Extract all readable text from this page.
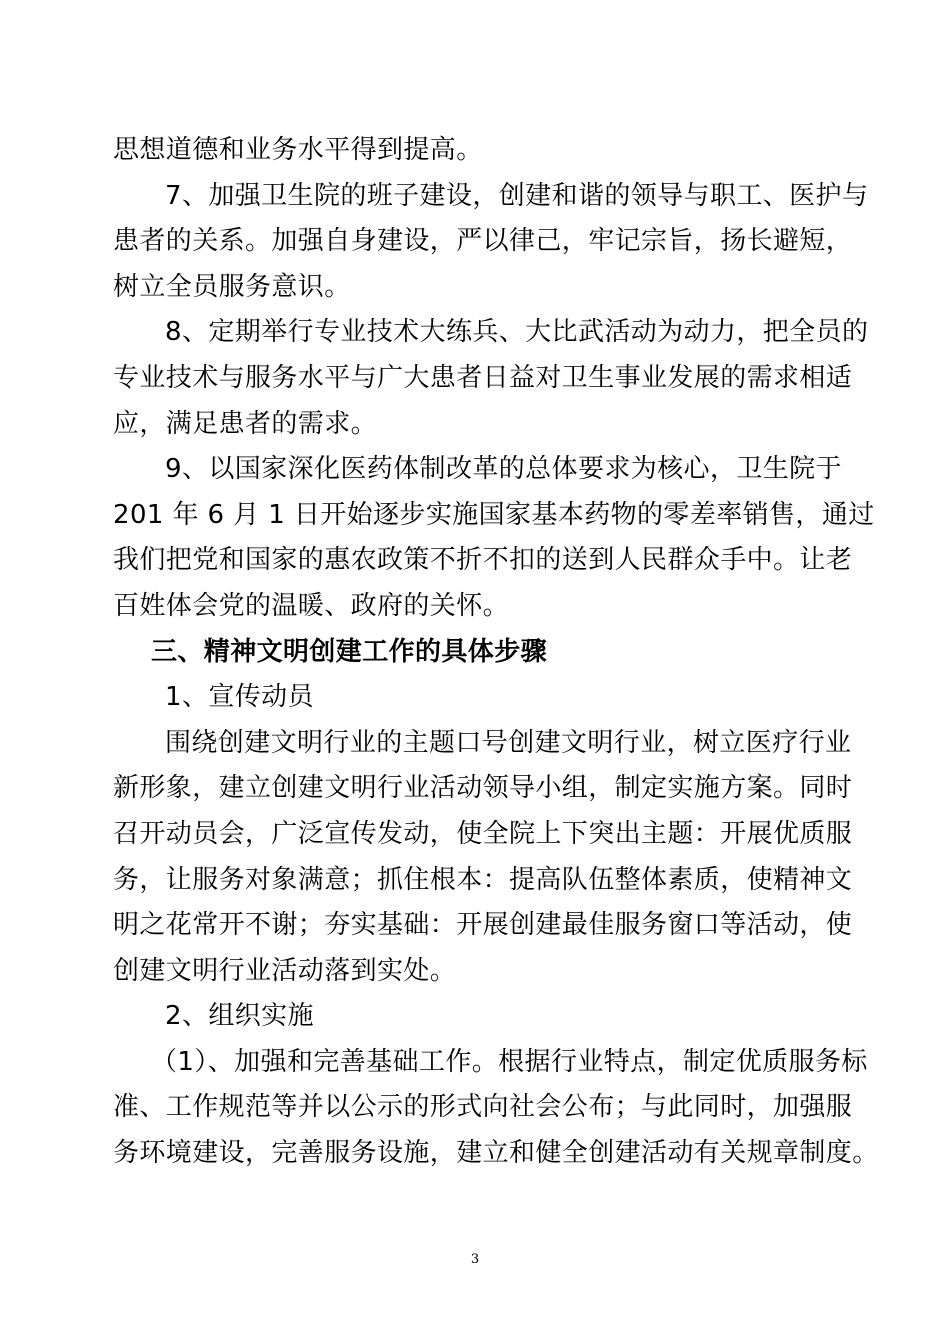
思想道德和业务水平得到提高。
7、加强卫生院的班子建设，创建和谐的领导与职工、医护与
患者的关系。加强自身建设，严以律己，牢记宗旨，扬长避短，
树立全员服务意识。
8、定期举行专业技术大练兵、大比武活动为动力，把全员的
专业技术与服务水平与广大患者日益对卫生事业发展的需求相适
应，满足患者的需求。
9、以国家深化医药体制改革的总体要求为核心，卫生院于
201 年 6 月 1 日开始逐步实施国家基本药物的零差率销售，通过
我们把党和国家的惠农政策不折不扣的送到人民群众手中。让老
百姓体会党的温暖、政府的关怀。
三、精神文明创建工作的具体步骤
1、宣传动员
围绕创建文明行业的主题口号创建文明行业，树立医疗行业
新形象，建立创建文明行业活动领导小组，制定实施方案。同时
召开动员会，广泛宣传发动，使全院上下突出主题：开展优质服
务，让服务对象满意；抓住根本：提高队伍整体素质，使精神文
明之花常开不谢；夯实基础：开展创建最佳服务窗口等活动，使
创建文明行业活动落到实处。
2、组织实施
（1）、加强和完善基础工作。根据行业特点，制定优质服务标
准、工作规范等并以公示的形式向社会公布；与此同时，加强服
务环境建设，完善服务设施，建立和健全创建活动有关规章制度。
3
